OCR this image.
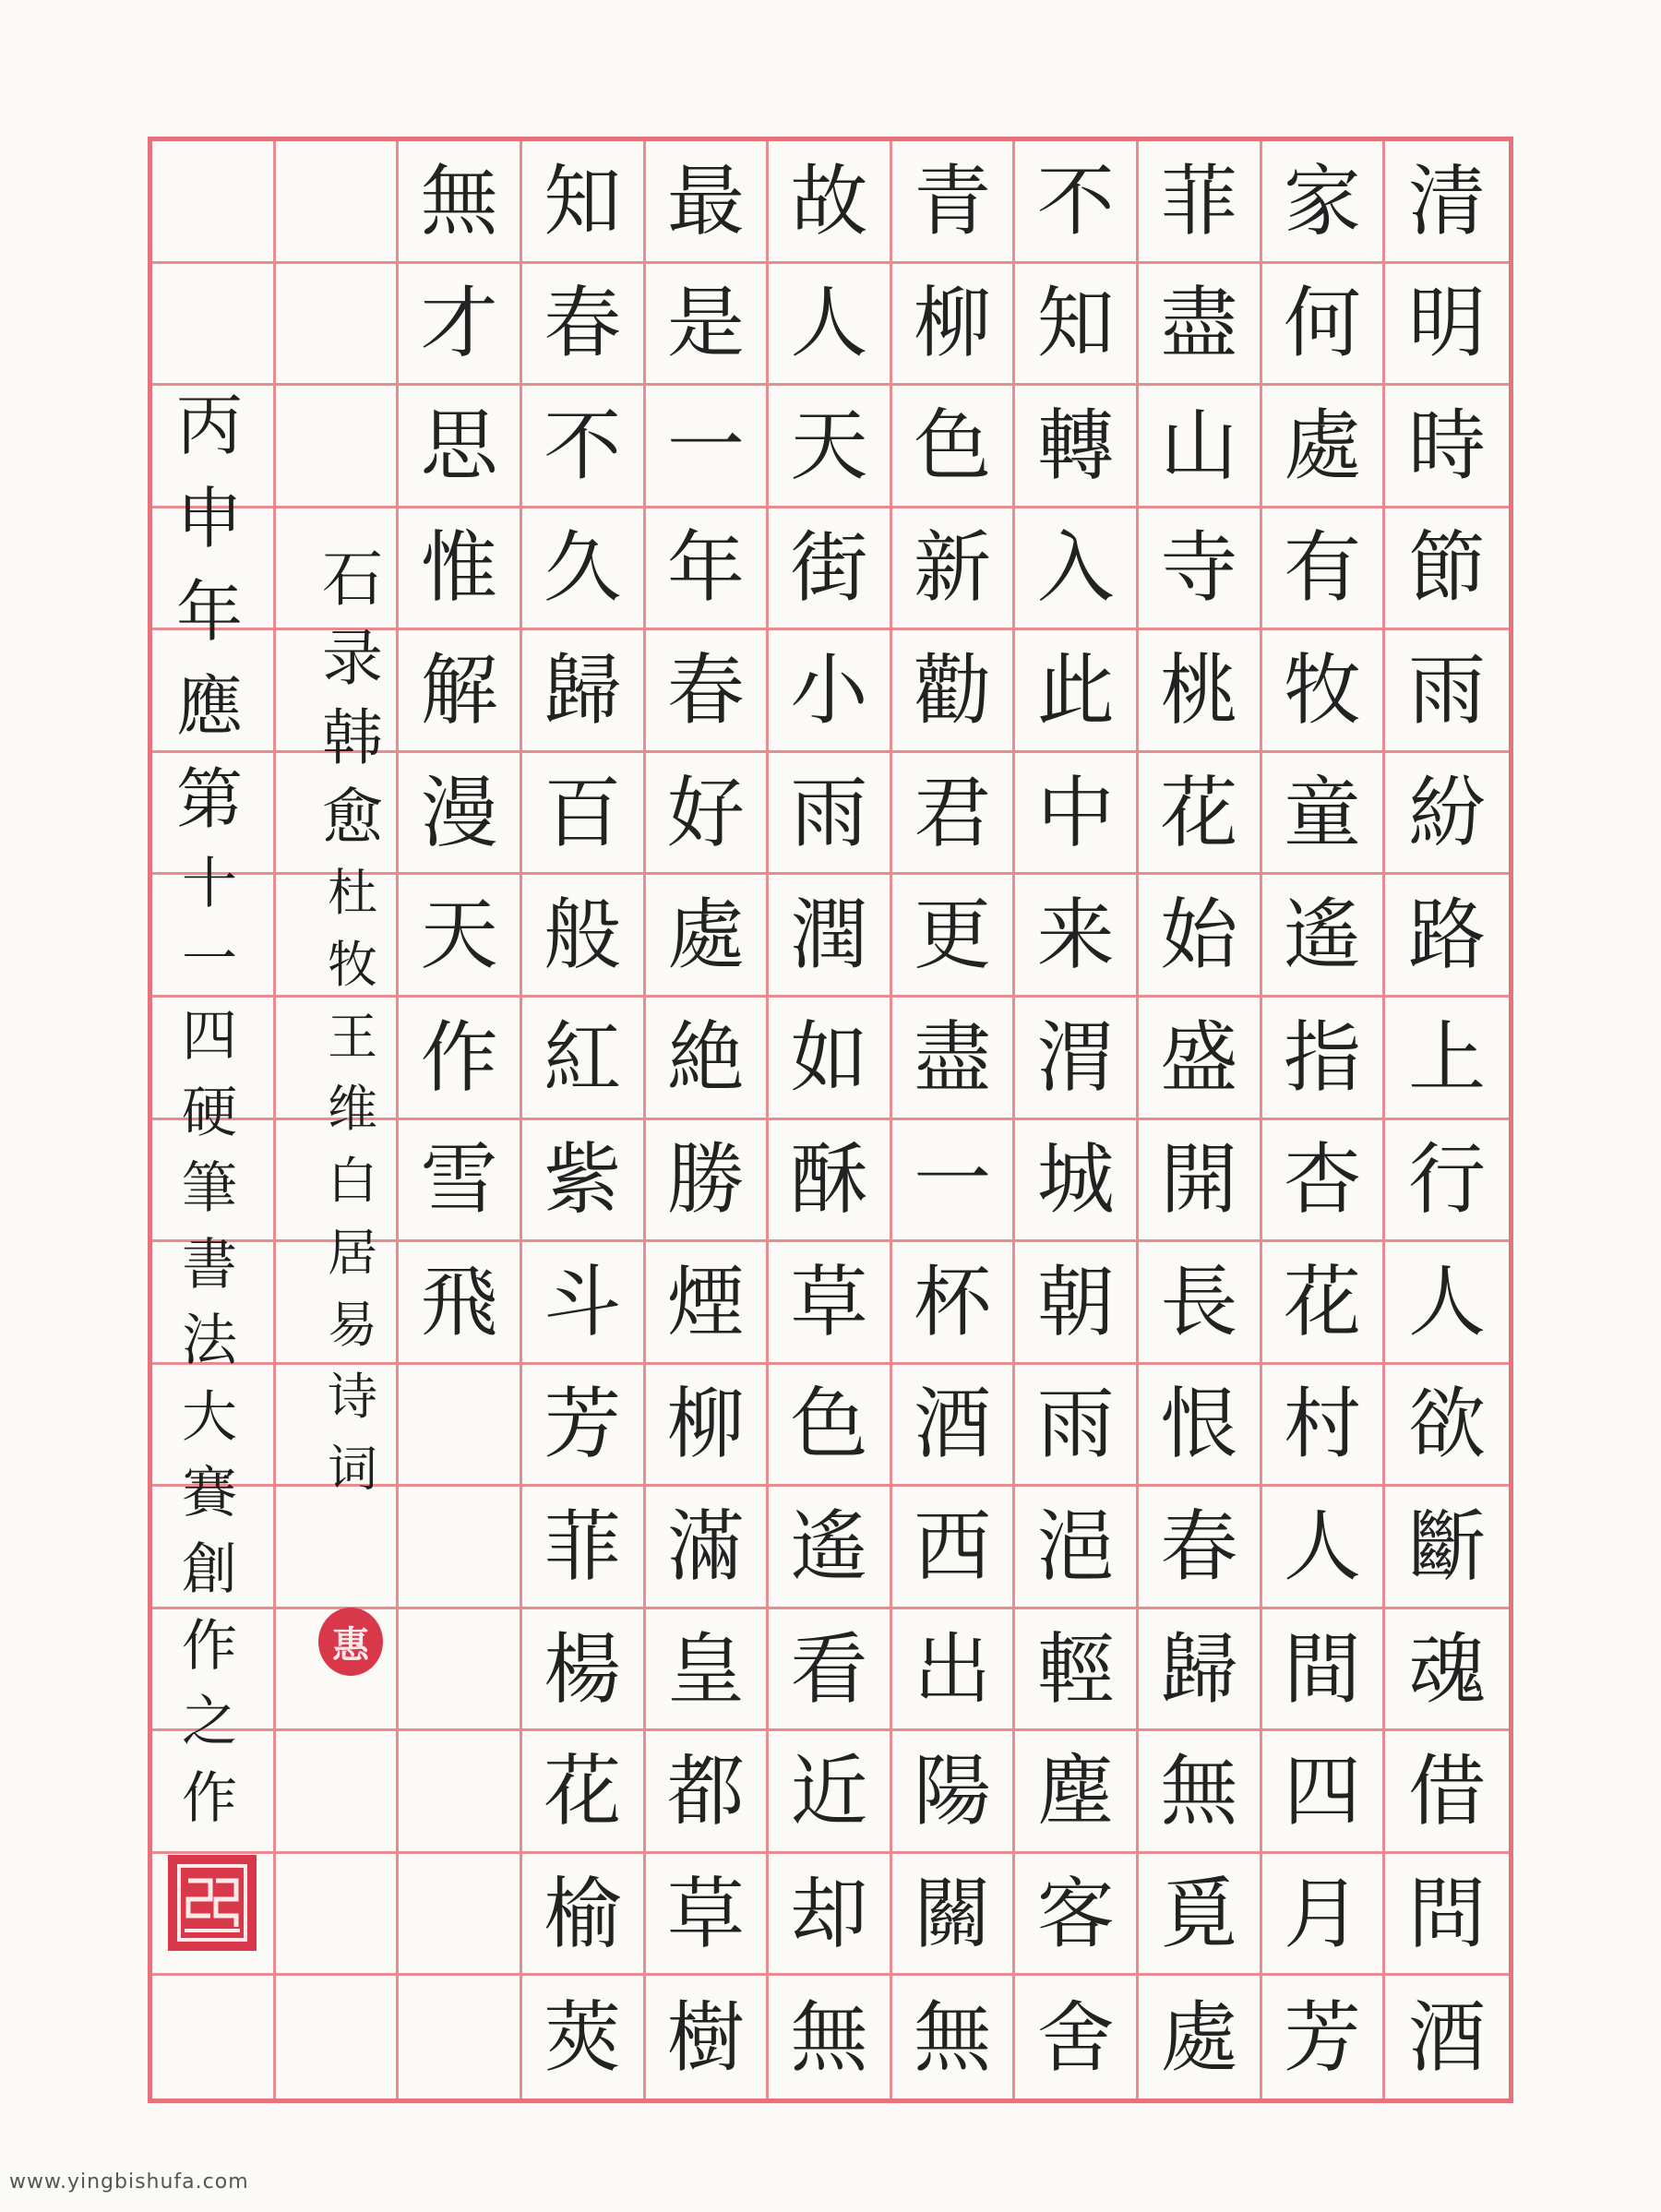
無 知 最 故 青 不 菲 家 清
才 春 是 人 柳 知 盡 何 明
思 不 一 天 色 轉 山 處 時
惟 久 年 街 新 入 寺 有 節
解 歸 春 小 勸 此 桃 牧 雨
漫 百 好 雨 君 中 花 童 紛
天 般 處 潤 更 来 始 遙 路
作 紅 絶 如 盡 渭 盛 指 上
雪 紫 勝 酥 一 城 開 杏 行
飛 斗 煙 草 杯 朝 長 花 人
芳 柳 色 酒 雨 恨 村 欲
菲 滿 遙 西 浥 春 人 斷
楊 皇 看 出 輕 歸 間 魂
花 都 近 陽 塵 無 四 借
榆 草 却 關 客 覓 月 問
莢 樹 無 無 舍 處 芳 酒
石
录
韩
愈
杜
牧
王
维
白
居
易
诗
词
丙
申
年
應
第
十
一
四
硬
筆
書
法
大
賽
創
作
之
作
惠
www.yingbishufa.com
